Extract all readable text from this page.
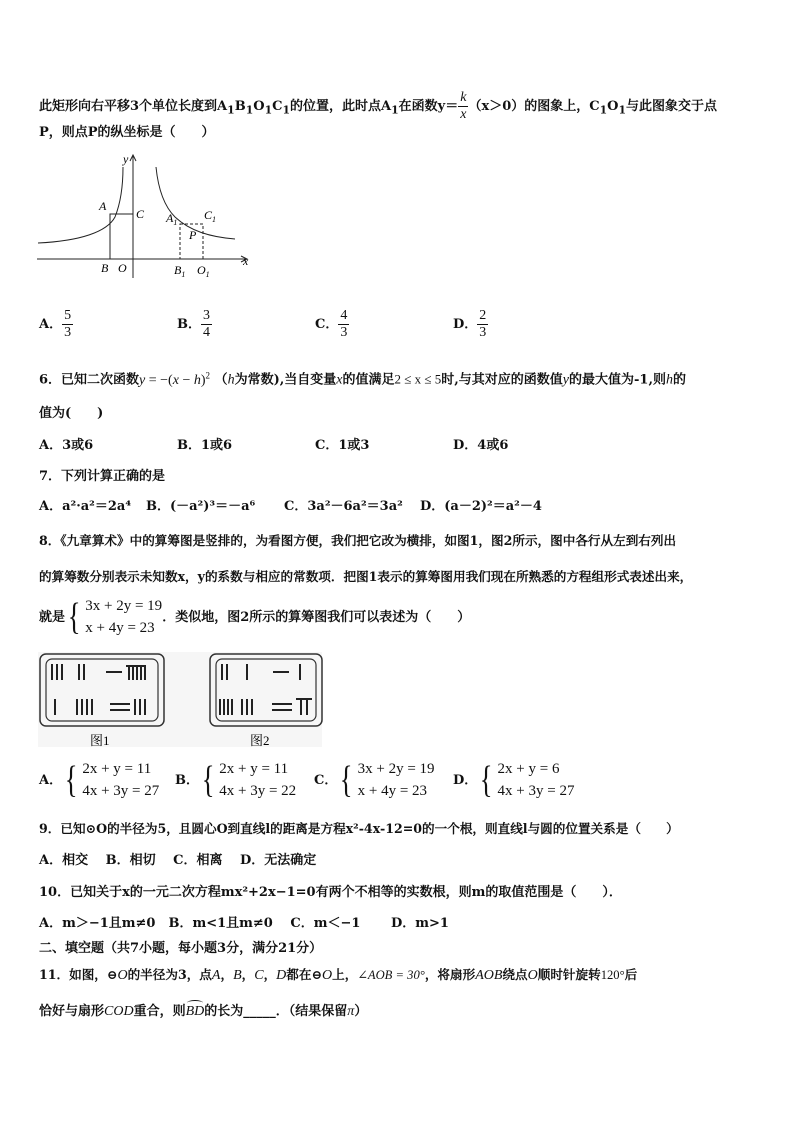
此矩形向右平移3个单位长度到$A_1B_1O_1C_1$的位置，此时点$A_1$在函数$y= \frac{k}{x} (x>0)$的图象上，$C_1O_1$与此图象交于点
P，则点P的纵坐标是（　　）
y
x
A
C
B O
$A_1$
$C_1$
P
$B_1$ $O_1$
A． $\frac{5}{3}$	B． $\frac{3}{4}$	C． $\frac{4}{3}$	D． $\frac{2}{3}$
6．已知二次函数$y = -(x - h)^2$ （h为常数),当自变量x的值满足2 ≤ x ≤ 5时,与其对应的函数值y的最大值为-1,则h的
值为(　　)
A．3或6	B．1或6	C．1或3	D．4或6
7．下列计算正确的是
A．a²·a²＝2a⁴ B．(－a²)³＝－a⁶ C．3a²－6a²＝3a² D．(a－2)²＝a²－4
8．《九章算术》中的算筹图是竖排的，为看图方便，我们把它改为横排，如图1，图2所示，图中各行从左到右列出
的算筹数分别表示未知数x，y的系数与相应的常数项．把图1表示的算筹图用我们现在所熟悉的方程组形式表述出来，
就是 { 3x + 2y = 19
x + 4y = 23
．类似地，图2所示的算筹图我们可以表述为（　　）
图1	图2
A． { 2x + y = 11
4x + 3y = 27
B． { 2x + y = 11
4x + 3y = 22
C． { 3x + 2y = 19
x + 4y = 23
D． { 2x + y = 6
4x + 3y = 27
9．已知⊙O的半径为5，且圆心O到直线l的距离是方程x²-4x-12=0的一个根，则直线l与圆的位置关系是（　　）
A．相交　 B．相切　 C．相离　 D．无法确定
10．已知关于x的一元二次方程mx²+2x−1=0有两个不相等的实数根，则m的取值范围是（　　）．
A．m＞−1且m≠0　B．m<1且m≠0　 C．m＜−1　　 D．m>1
二、填空题（共7小题，每小题3分，满分21分）
11．如图，⊖O的半径为3，点A，B，C，D都在⊖O上，∠AOB = 30°，将扇形AOB绕点O顺时针旋转120°后
恰好与扇形COD重合，则
BD的长为_____．（结果保留π）
